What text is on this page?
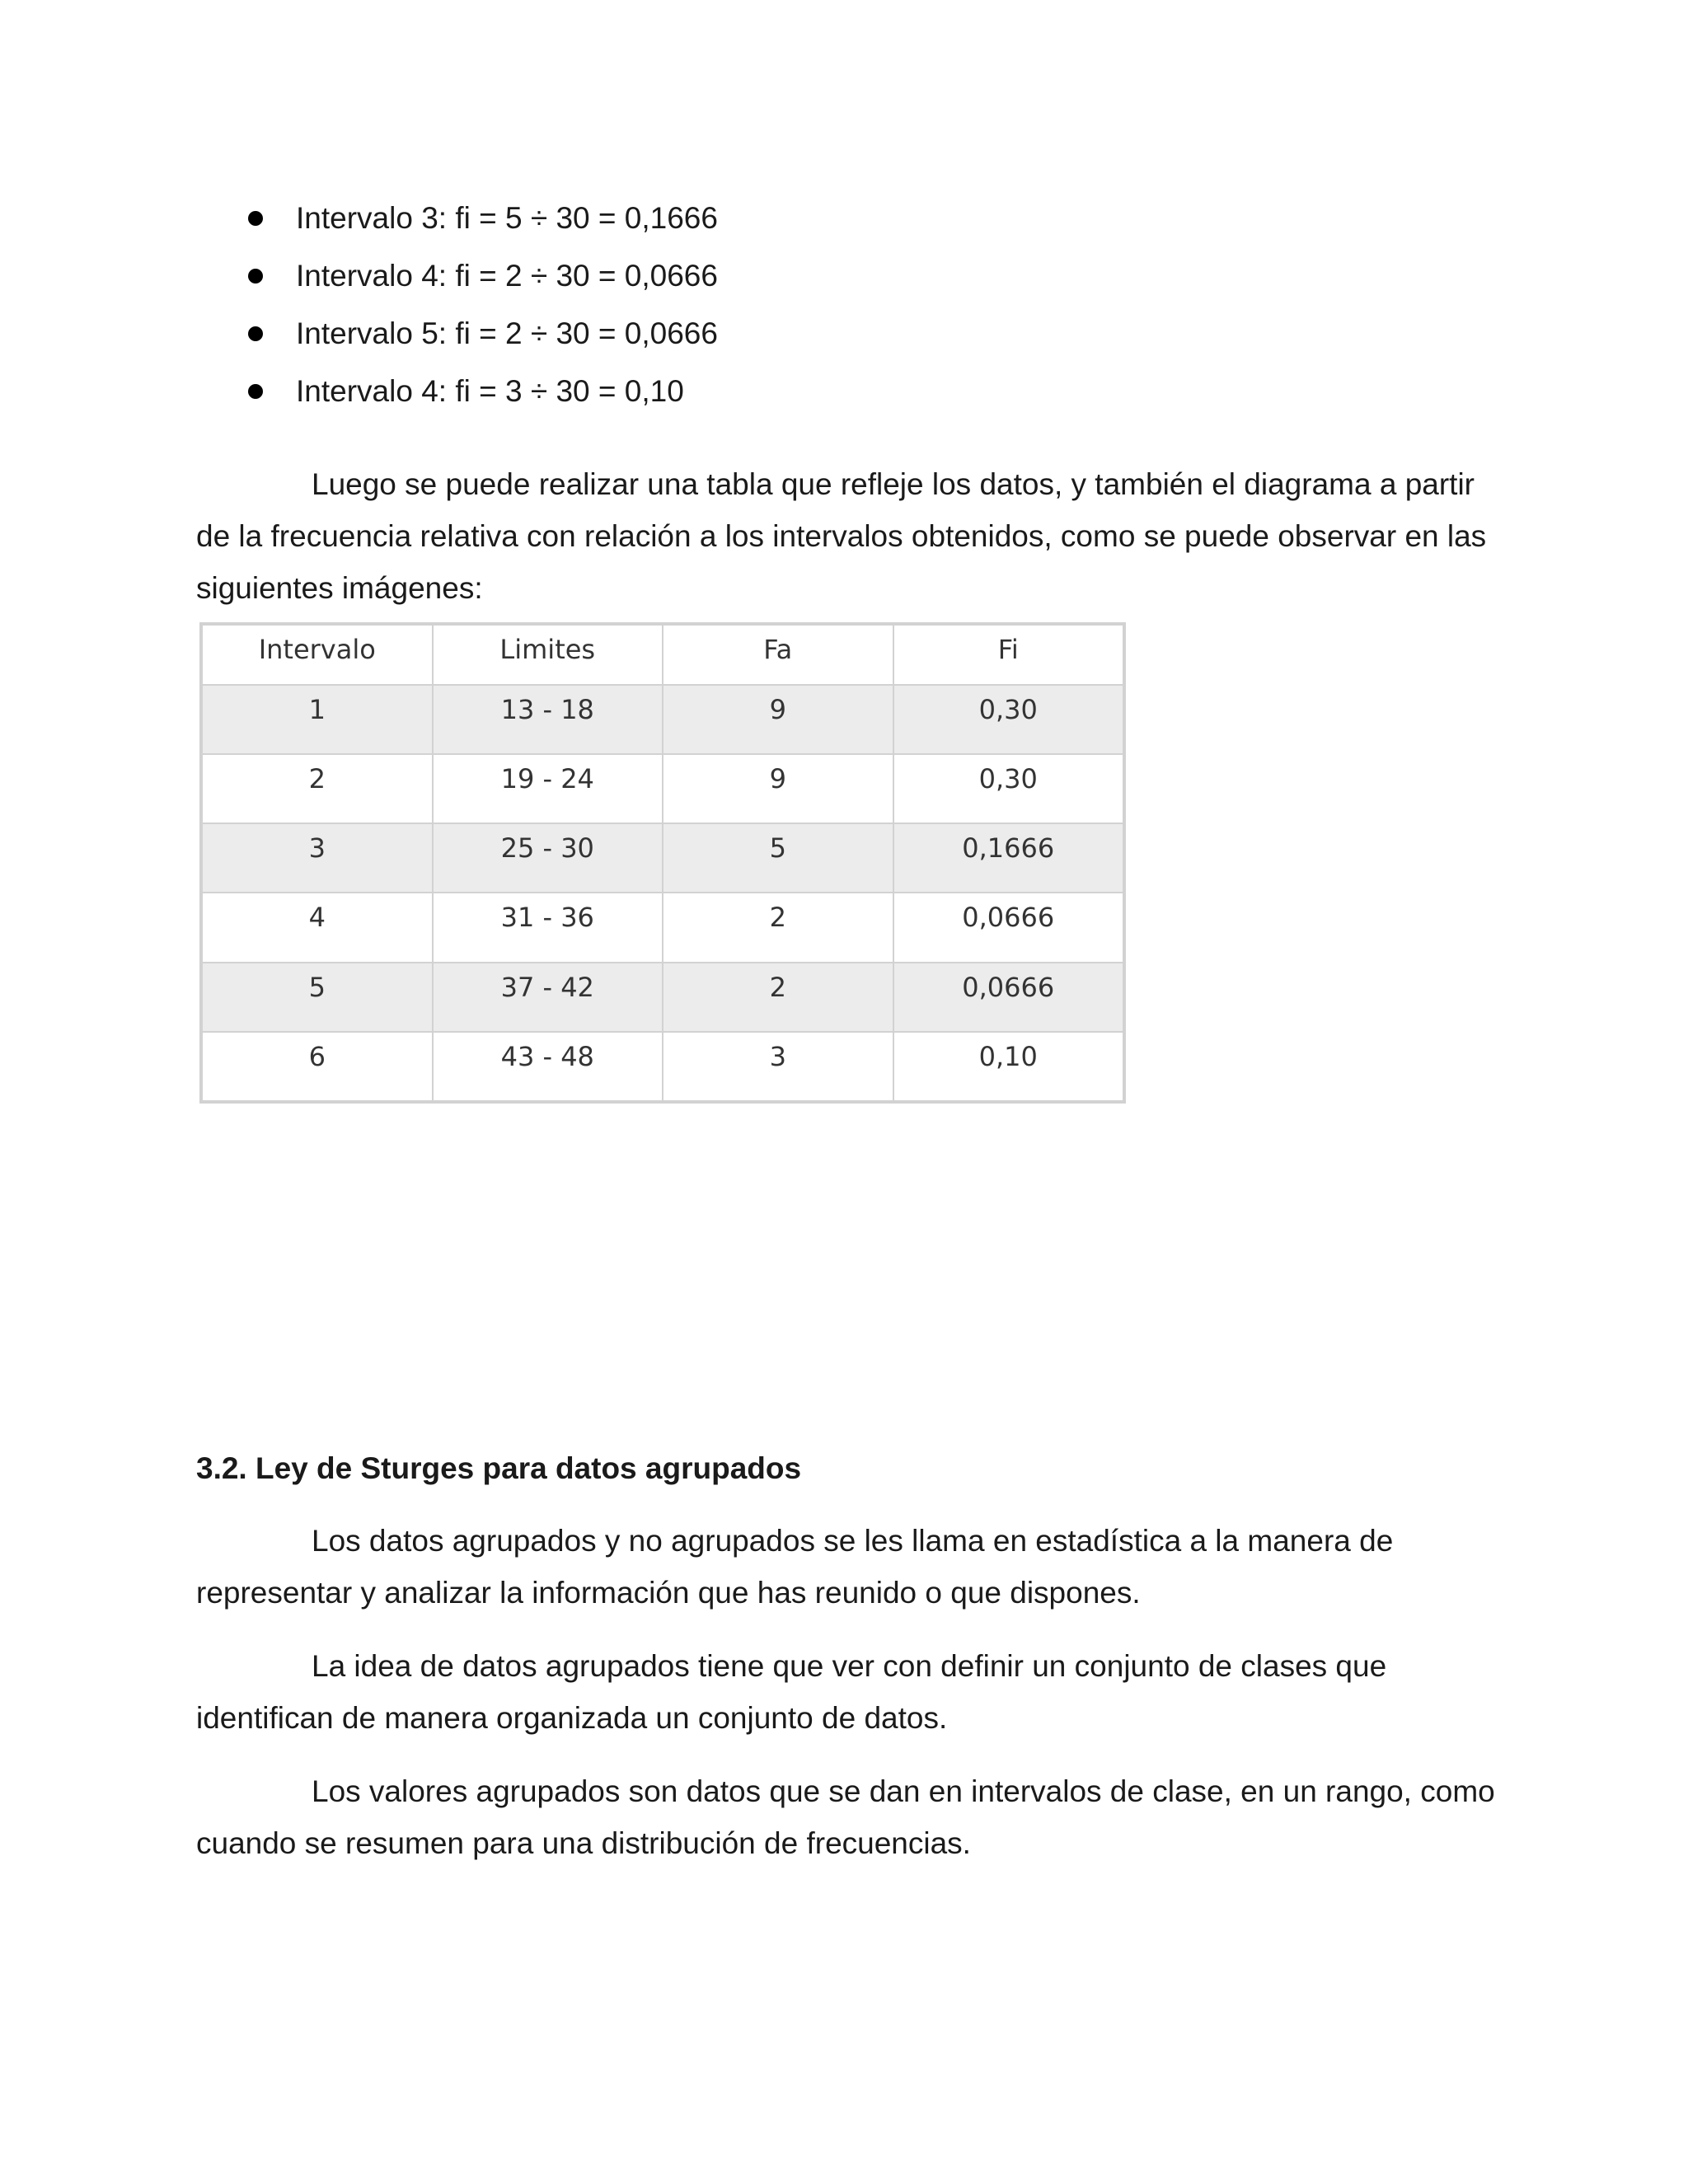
Intervalo 3: fi = 5 ÷ 30 = 0,1666
Intervalo 4: fi = 2 ÷ 30 = 0,0666
Intervalo 5: fi = 2 ÷ 30 = 0,0666
Intervalo 4: fi = 3 ÷ 30 = 0,10

Luego se puede realizar una tabla que refleje los datos, y también el diagrama a partir de la frecuencia relativa con relación a los intervalos obtenidos, como se puede observar en las siguientes imágenes:

Intervalo	Limites	Fa	Fi
1	13 - 18	9	0,30
2	19 - 24	9	0,30
3	25 - 30	5	0,1666
4	31 - 36	2	0,0666
5	37 - 42	2	0,0666
6	43 - 48	3	0,10
3.2. Ley de Sturges para datos agrupados

Los datos agrupados y no agrupados se les llama en estadística a la manera de representar y analizar la información que has reunido o que dispones.

La idea de datos agrupados tiene que ver con definir un conjunto de clases que identifican de manera organizada un conjunto de datos.

Los valores agrupados son datos que se dan en intervalos de clase, en un rango, como cuando se resumen para una distribución de frecuencias.
